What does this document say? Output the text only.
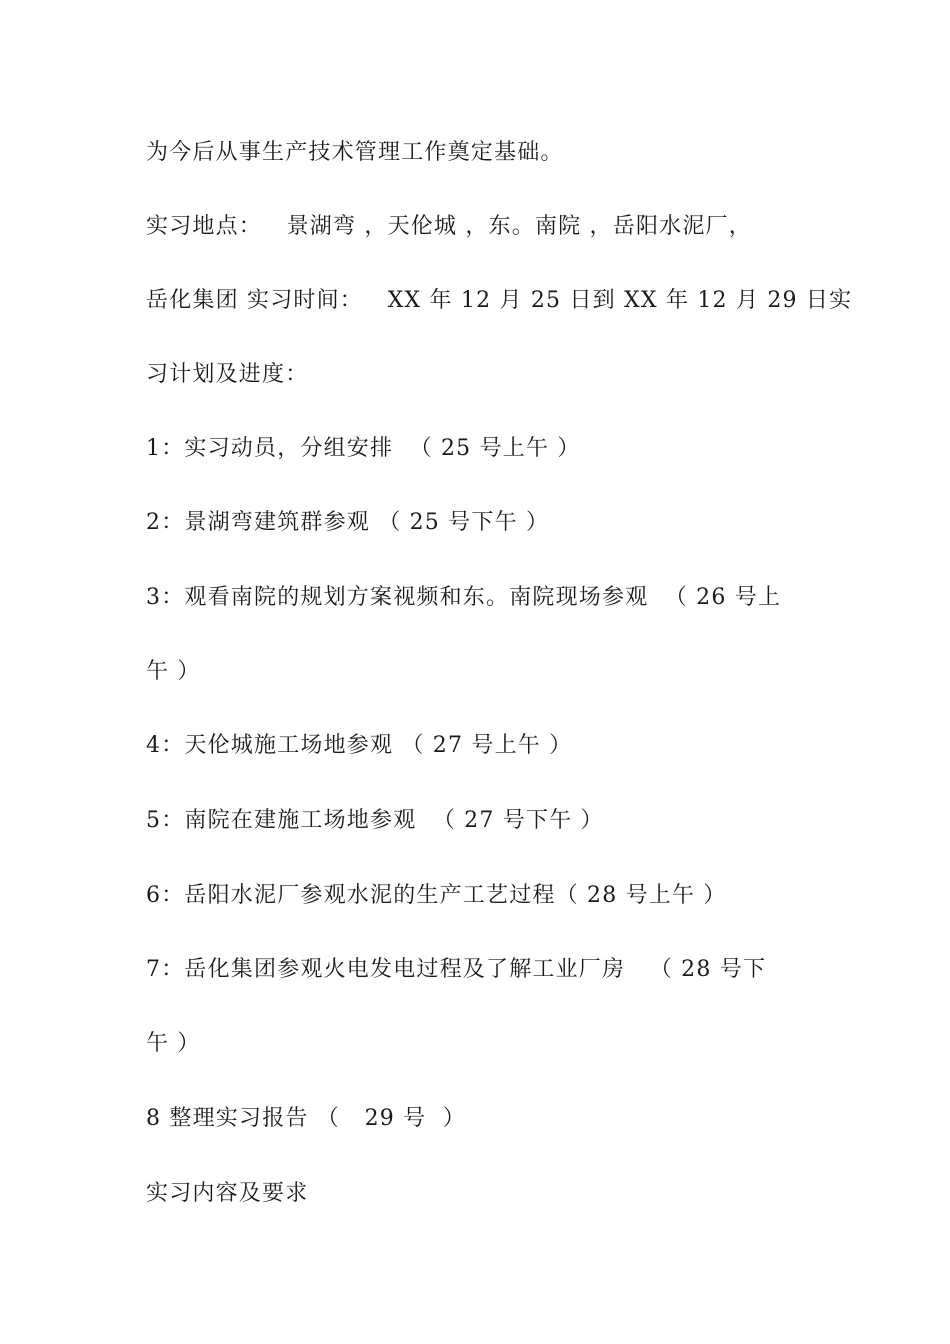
为今后从事生产技术管理工作奠定基础。

实习地点：   景湖弯 ，天伦城 ，东。南院 ，岳阳水泥厂，

岳化集团 实习时间：   XX 年 12 月 25 日到 XX 年 12 月 29 日实

习计划及进度：

1：实习动员，分组安排  （ 25 号上午 ）

2：景湖弯建筑群参观 （ 25 号下午 ）

3：观看南院的规划方案视频和东。南院现场参观  （ 26 号上

午 ）

4：天伦城施工场地参观 （ 27 号上午 ）

5：南院在建施工场地参观  （ 27 号下午 ）

6：岳阳水泥厂参观水泥的生产工艺过程（ 28 号上午 ）

7：岳化集团参观火电发电过程及了解工业厂房   （ 28 号下

午 ）

8 整理实习报告 （   29 号  ）

实习内容及要求
